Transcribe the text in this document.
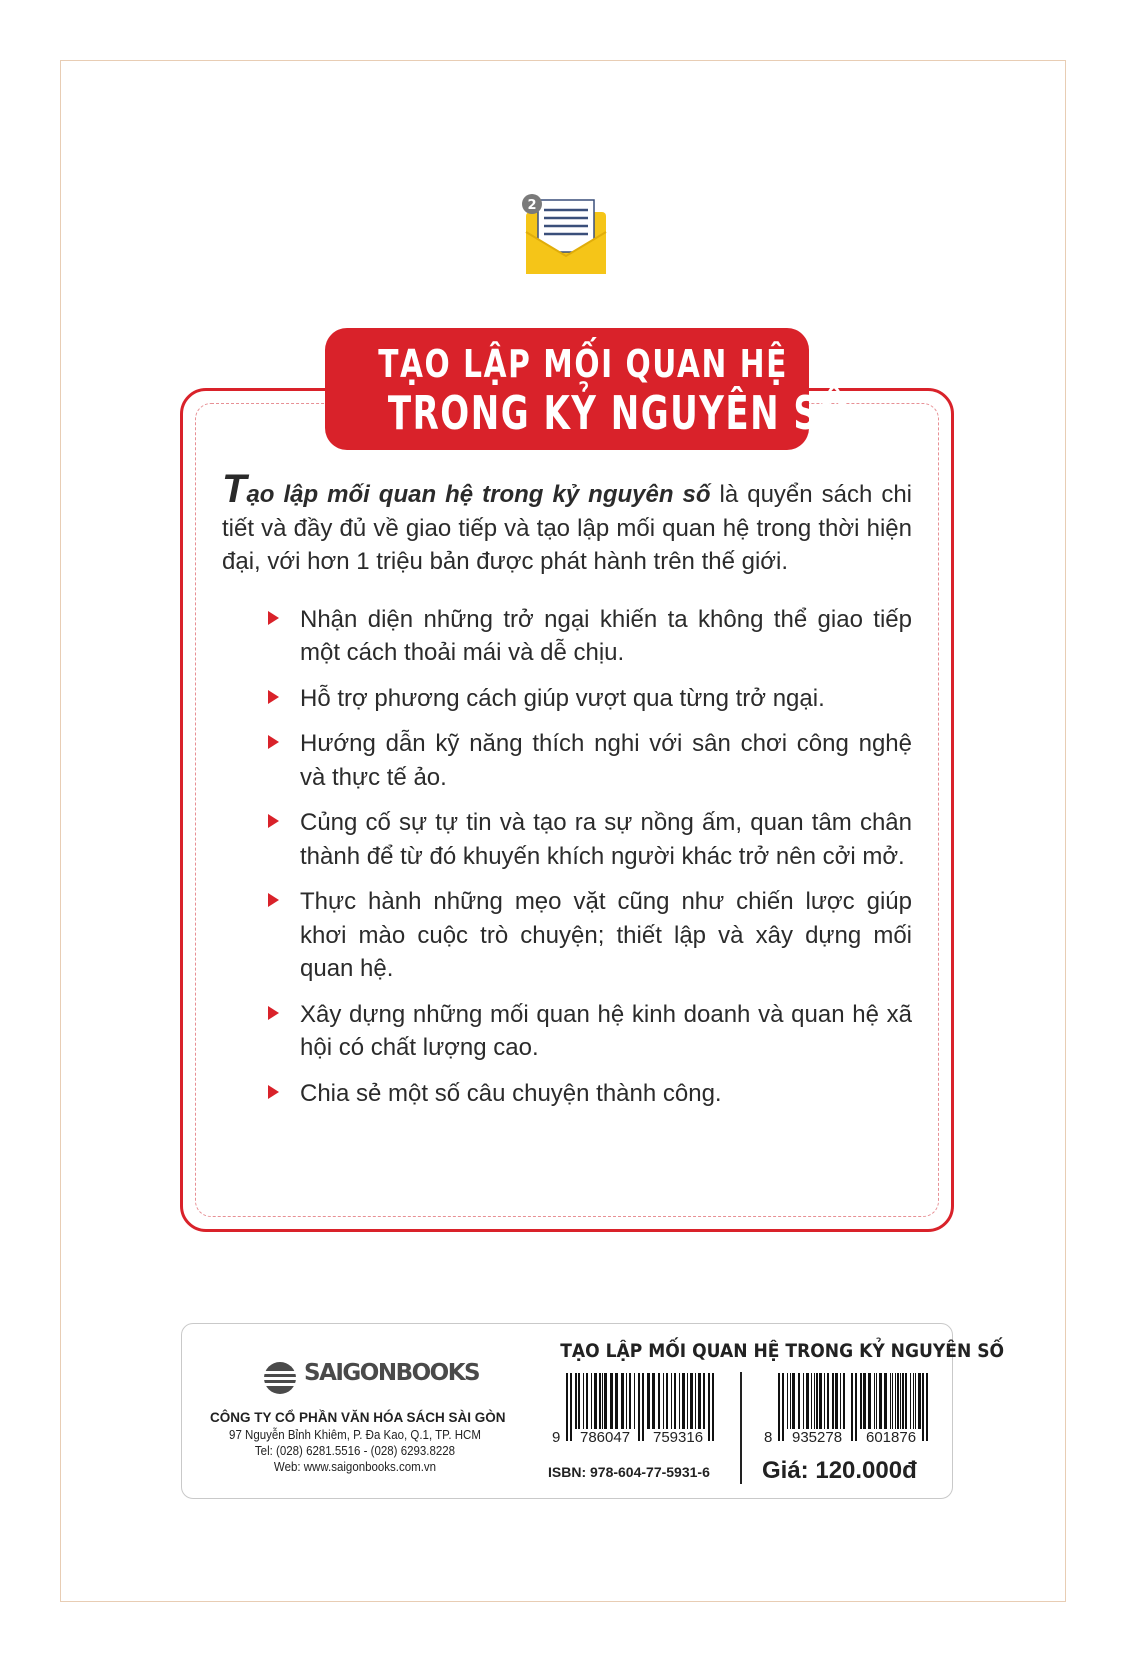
2
TẠO LẬP MỐI QUAN HỆ
TRONG KỶ NGUYÊN SỐ

Tạo lập mối quan hệ trong kỷ nguyên số là quyển sách chi tiết và đầy đủ về giao tiếp và tạo lập mối quan hệ trong thời hiện đại, với hơn 1 triệu bản được phát hành trên thế giới.

Nhận diện những trở ngại khiến ta không thể giao tiếp một cách thoải mái và dễ chịu.
Hỗ trợ phương cách giúp vượt qua từng trở ngại.
Hướng dẫn kỹ năng thích nghi với sân chơi công nghệ và thực tế ảo.
Củng cố sự tự tin và tạo ra sự nồng ấm, quan tâm chân thành để từ đó khuyến khích người khác trở nên cởi mở.
Thực hành những mẹo vặt cũng như chiến lược giúp khơi mào cuộc trò chuyện; thiết lập và xây dựng mối quan hệ.
Xây dựng những mối quan hệ kinh doanh và quan hệ xã hội có chất lượng cao.
Chia sẻ một số câu chuyện thành công.
TẠO LẬP MỐI QUAN HỆ TRONG KỶ NGUYÊN SỐ
SAIGONBOOKS
CÔNG TY CỔ PHẦN VĂN HÓA SÁCH SÀI GÒN
97 Nguyễn Bỉnh Khiêm, P. Đa Kao, Q.1, TP. HCM
Tel: (028) 6281.5516 - (028) 6293.8228
Web: www.saigonbooks.com.vn
9 786047 759316	8 935278 601876
ISBN: 978-604-77-5931-6 Giá: 120.000đ
